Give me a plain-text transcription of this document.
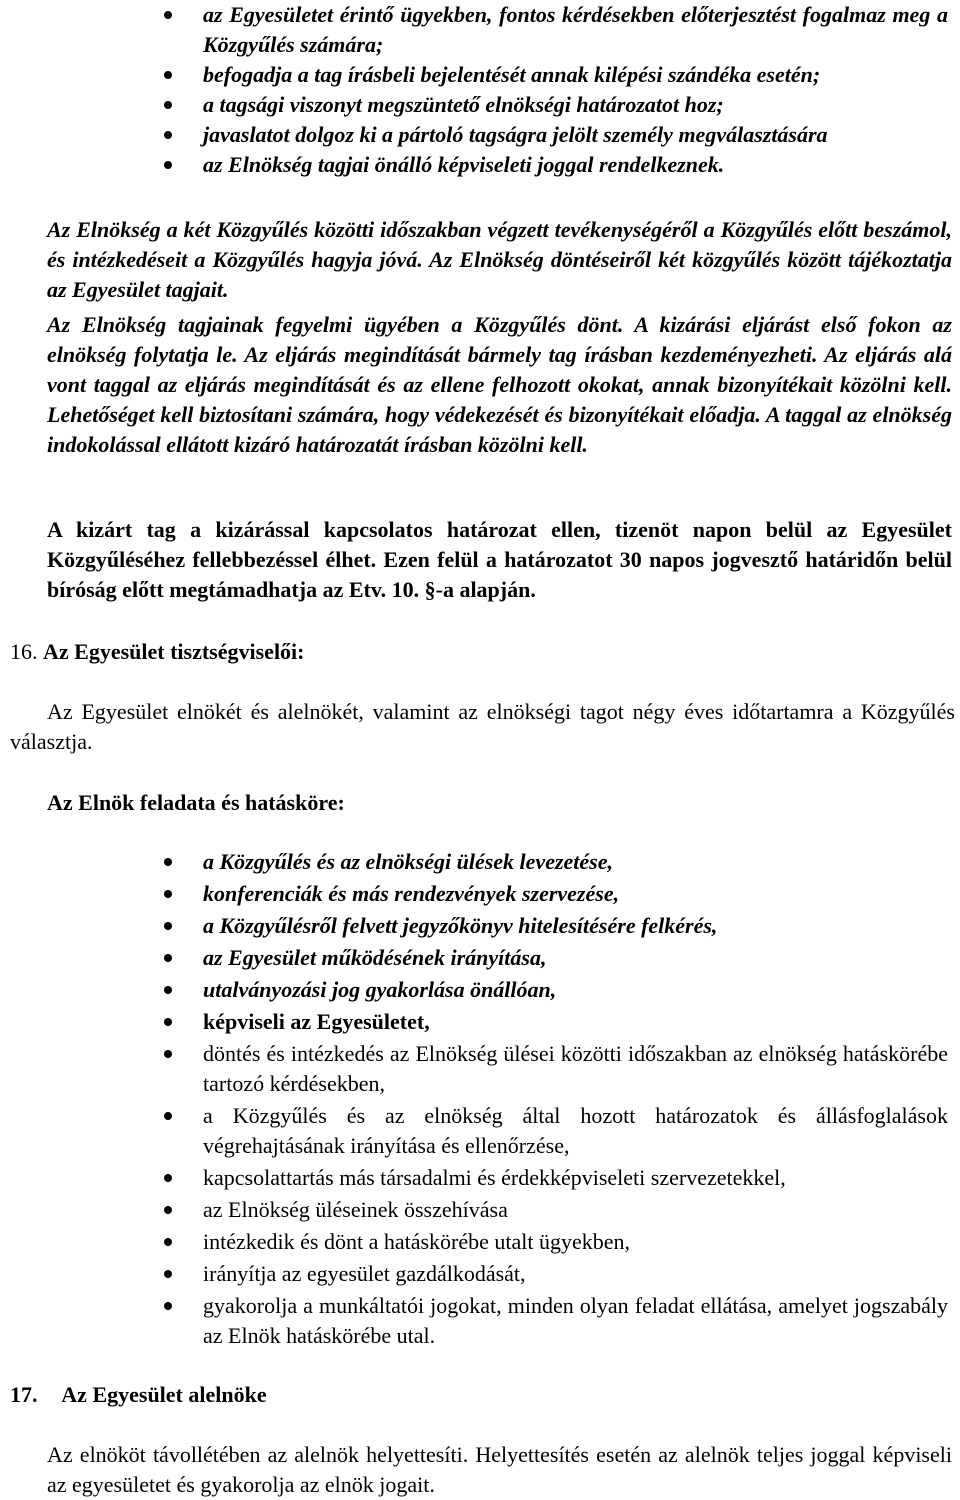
az Egyesületet érintő ügyekben, fontos kérdésekben előterjesztést fogalmaz meg a Közgyűlés számára;
befogadja a tag írásbeli bejelentését annak kilépési szándéka esetén;
a tagsági viszonyt megszüntető elnökségi határozatot hoz;
javaslatot dolgoz ki a pártoló tagságra jelölt személy megválasztására
az Elnökség tagjai önálló képviseleti joggal rendelkeznek.

Az Elnökség a két Közgyűlés közötti időszakban végzett tevékenységéről a Közgyűlés előtt beszámol, és intézkedéseit a Közgyűlés hagyja jóvá. Az Elnökség döntéseiről két közgyűlés között tájékoztatja az Egyesület tagjait.

Az Elnökség tagjainak fegyelmi ügyében a Közgyűlés dönt. A kizárási eljárást első fokon az elnökség folytatja le. Az eljárás megindítását bármely tag írásban kezdeményezheti. Az eljárás alá vont taggal az eljárás megindítását és az ellene felhozott okokat, annak bizonyítékait közölni kell. Lehetőséget kell biztosítani számára, hogy védekezését és bizonyítékait előadja. A taggal az elnökség indokolással ellátott kizáró határozatát írásban közölni kell.

A kizárt tag a kizárással kapcsolatos határozat ellen, tizenöt napon belül az Egyesület Közgyűléséhez fellebbezéssel élhet. Ezen felül a határozatot 30 napos jogvesztő határidőn belül bíróság előtt megtámadhatja az Etv. 10. §-a alapján.

16. Az Egyesület tisztségviselői:

Az Egyesület elnökét és alelnökét, valamint az elnökségi tagot négy éves időtartamra a Közgyűlés választja.

Az Elnök feladata és hatásköre:
a Közgyűlés és az elnökségi ülések levezetése,
konferenciák és más rendezvények szervezése,
a Közgyűlésről felvett jegyzőkönyv hitelesítésére felkérés,
az Egyesület működésének irányítása,
utalványozási jog gyakorlása önállóan,
képviseli az Egyesületet,
döntés és intézkedés az Elnökség ülései közötti időszakban az elnökség hatáskörébe tartozó kérdésekben,
a Közgyűlés és az elnökség által hozott határozatok és állásfoglalások végrehajtásának irányítása és ellenőrzése,
kapcsolattartás más társadalmi és érdekképviseleti szervezetekkel,
az Elnökség üléseinek összehívása
intézkedik és dönt a hatáskörébe utalt ügyekben,
irányítja az egyesület gazdálkodását,
gyakorolja a munkáltatói jogokat, minden olyan feladat ellátása, amelyet jogszabály az Elnök hatáskörébe utal.
17. Az Egyesület alelnöke

Az elnököt távollétében az alelnök helyettesíti. Helyettesítés esetén az alelnök teljes joggal képviseli az egyesületet és gyakorolja az elnök jogait.
